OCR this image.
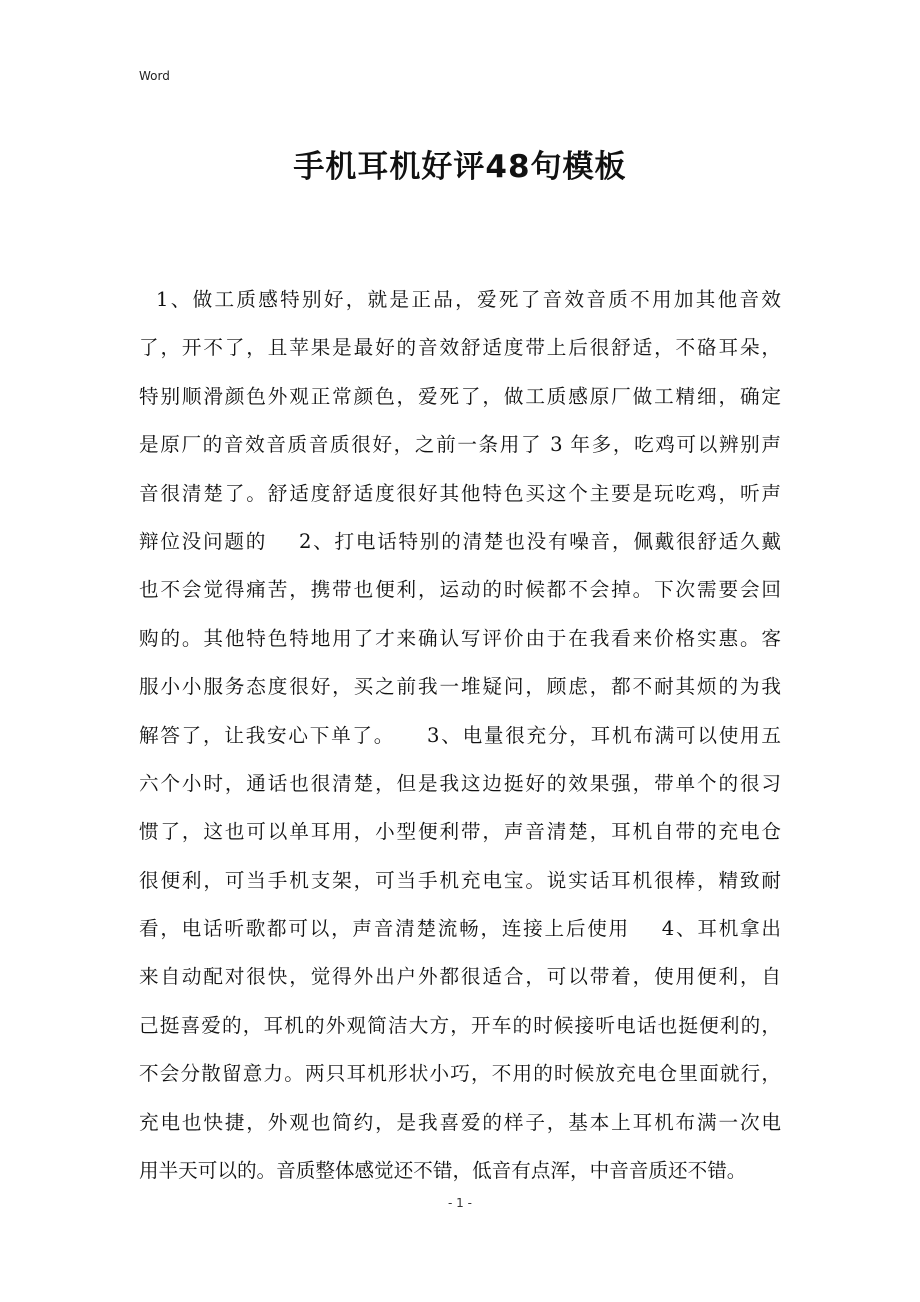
Word
手机耳机好评48句模板
1、做工质感特别好，就是正品，爱死了音效音质不用加其他音效
了，开不了，且苹果是最好的音效舒适度带上后很舒适，不硌耳朵，
特别顺滑颜色外观正常颜色，爱死了，做工质感原厂做工精细，确定
是原厂的音效音质音质很好，之前一条用了 3 年多，吃鸡可以辨别声
音很清楚了。舒适度舒适度很好其他特色买这个主要是玩吃鸡，听声
辩位没问题的    2、打电话特别的清楚也没有噪音，佩戴很舒适久戴
也不会觉得痛苦，携带也便利，运动的时候都不会掉。下次需要会回
购的。其他特色特地用了才来确认写评价由于在我看来价格实惠。客
服小小服务态度很好，买之前我一堆疑问，顾虑，都不耐其烦的为我
解答了，让我安心下单了。    3、电量很充分，耳机布满可以使用五
六个小时，通话也很清楚，但是我这边挺好的效果强，带单个的很习
惯了，这也可以单耳用，小型便利带，声音清楚，耳机自带的充电仓
很便利，可当手机支架，可当手机充电宝。说实话耳机很棒，精致耐
看，电话听歌都可以，声音清楚流畅，连接上后使用    4、耳机拿出
来自动配对很快，觉得外出户外都很适合，可以带着，使用便利，自
己挺喜爱的，耳机的外观简洁大方，开车的时候接听电话也挺便利的，
不会分散留意力。两只耳机形状小巧，不用的时候放充电仓里面就行，
充电也快捷，外观也简约，是我喜爱的样子，基本上耳机布满一次电
用半天可以的。音质整体感觉还不错，低音有点浑，中音音质还不错。
- 1 -
